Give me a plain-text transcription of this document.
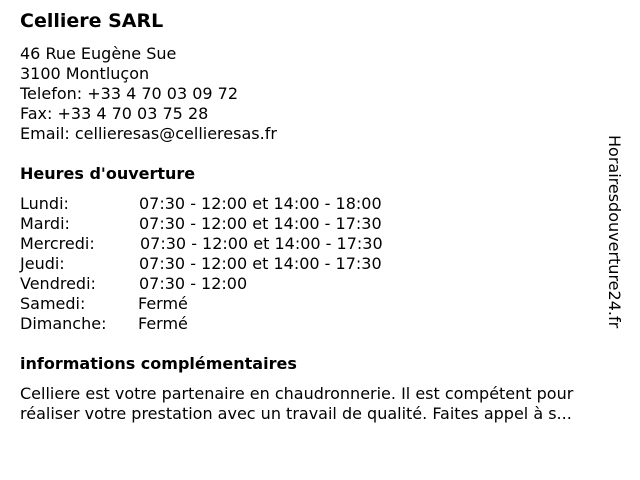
Celliere SARL
46 Rue Eugène Sue
3100 Montluçon
Telefon: +33 4 70 03 09 72
Fax: +33 4 70 03 75 28
Email: cellieresas@cellieresas.fr
Heures d'ouverture
Lundi:	07:30 - 12:00 et 14:00 - 18:00
Mardi:	07:30 - 12:00 et 14:00 - 17:30
Mercredi:	07:30 - 12:00 et 14:00 - 17:30
Jeudi:	07:30 - 12:00 et 14:00 - 17:30
Vendredi:	07:30 - 12:00
Samedi:	Fermé
Dimanche: Fermé
informations complémentaires
Celliere est votre partenaire en chaudronnerie. Il est compétent pour
réaliser votre prestation avec un travail de qualité. Faites appel à s...
Horairesdouverture24.fr
